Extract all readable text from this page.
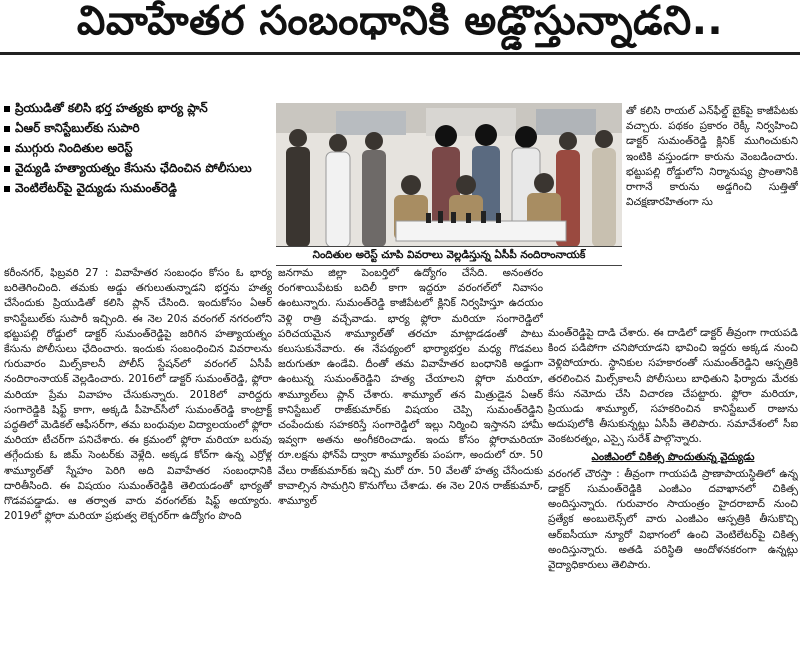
వివాహేతర సంబంధానికి అడ్డొస్తున్నాడని..
ప్రియుడితో కలిసి భర్త హత్యకు భార్య ప్లాన్
ఏఆర్ కానిస్టేబుల్‌కు సుపారి
ముగ్గురు నిందితుల అరెస్ట్
వైద్యుడి హత్యాయత్నం కేసును ఛేదించిన పోలీసులు
వెంటిలేటర్‌పై వైద్యుడు సుమంత్‌రెడ్డి

కరీంనగర్, ఫిబ్రవరి 27 : వివాహేతర సంబంధం కోసం ఓ భార్య బరితెగించింది. తమకు అడ్డు తగులుతున్నాడని భర్తను హత్య చేసేందుకు ప్రియుడితో కలిసి ప్లాన్ చేసింది. ఇందుకోసం ఏఆర్ కానిస్టేబుల్‌కు సుపారీ ఇచ్చింది. ఈ నెల 20న వరంగల్ నగరంలోని భట్టుపల్లి రోడ్డులో డాక్టర్ సుమంత్‌రెడ్డిపై జరిగిన హత్యాయత్నం కేసును పోలీసులు ఛేదించారు. ఇందుకు సంబంధించిన వివరాలను గురువారం మిల్స్‌కాలనీ పోలీస్ స్టేషన్‌లో వరంగల్ ఏసీపీ నందిరాంనాయక్ వెల్లడించారు. 2016లో డాక్టర్ సుమంత్‌రెడ్డి, ఫ్లోరా మరియా ప్రేమ వివాహం చేసుకున్నారు. 2018లో వారిద్దరు సంగారెడ్డికి షిఫ్ట్ కాగా, అక్కడి పీహెచ్‌సీలో సుమంత్‌రెడ్డి కాంట్రాక్ట్ పద్ధతిలో మెడికల్ ఆఫీసర్‌గా, తమ బంధువుల విద్యాలయంలో ఫ్లోరా మరియా టీచర్‌గా పనిచేశారు. ఈ క్రమంలో ఫ్లోరా మరియా బరువు తగ్గేందుకు ఓ జిమ్ సెంటర్‌కు వెళ్లేది. అక్కడ కోచ్‌గా ఉన్న ఎర్రోళ్ల శామ్యూల్‌తో స్నేహం పెరిగి అది వివాహేతర సంబంధానికి దారితీసింది. ఈ విషయం సుమంత్‌రెడ్డికి తెలియడంతో భార్యతో గొడవపడ్డాడు. ఆ తర్వాత వారు వరంగల్‌కు షిఫ్ట్ అయ్యారు. 2019లో ఫ్లోరా మరియా ప్రభుత్వ లెక్చరర్‌గా ఉద్యోగం పొంది

నిందితుల అరెస్ట్ చూపి వివరాలు వెల్లడిస్తున్న ఏసీపీ నందిరాంనాయక్

జనగామ జిల్లా పెంబర్తిలో ఉద్యోగం చేసేది. అనంతరం రంగశాయిపేటకు బదిలీ కాగా ఇద్దరూ వరంగల్‌లో నివాసం ఉంటున్నారు. సుమంత్‌రెడ్డి కాజీపేటలో క్లినిక్ నిర్వహిస్తూ ఉదయం వెళ్లి రాత్రి వచ్చేవాడు. భార్య ఫ్లోరా మరియా సంగారెడ్డిలో పరిచయమైన శామ్యూల్‌తో తరచూ మాట్లాడడంతో పాటు కలుసుకునేవారు. ఈ నేపథ్యంలో భార్యాభర్తల మధ్య గొడవలు జరుగుతూ ఉండేవి. దీంతో తమ వివాహేతర బంధానికి అడ్డుగా ఉంటున్న సుమంత్‌రెడ్డిని హత్య చేయాలని ఫ్లోరా మరియా, శామ్యూల్‌లు ప్లాన్ చేశారు. శామ్యూల్ తన మిత్రుడైన ఏఆర్ కానిస్టేబుల్ రాజ్‌కుమార్‌కు విషయం చెప్పి సుమంత్‌రెడ్డిని చంపేందుకు సహకరిస్తే సంగారెడ్డిలో ఇల్లు నిర్మించి ఇస్తానని హామీ ఇవ్వగా అతను అంగీకరించాడు. ఇందు కోసం ఫ్లోరామరియా రూ.లక్షను ఫోన్‌పే ద్వారా శామ్యూల్‌కు పంపగా, అందులో రూ. 50 వేలు రాజ్‌కుమార్‌కు ఇచ్చి మరో రూ. 50 వేలతో హత్య చేసేందుకు కావాల్సిన సామగ్రిని కొనుగోలు చేశాడు. ఈ నెల 20న రాజ్‌కుమార్, శామ్యూల్

తో కలిసి రాయల్ ఎన్‌ఫీల్డ్ బైక్‌పై కాజీపేటకు వచ్చారు. పథకం ప్రకారం రెక్కీ నిర్వహించి డాక్టర్ సుమంత్‌రెడ్డి క్లినిక్ ముగించుకుని ఇంటికి వస్తుండగా కారును వెంబడించారు. భట్టుపల్లి రోడ్డులోని నిర్మానుష్య ప్రాంతానికి రాగానే కారును అడ్డగించి సుత్తితో విచక్షణారహితంగా సు

మంత్‌రెడ్డిపై దాడి చేశారు. ఈ దాడిలో డాక్టర్ తీవ్రంగా గాయపడి కింద పడిపోగా చనిపోయాడని భావించి ఇద్దరు అక్కడ నుంచి వెళ్లిపోయారు. స్థానికుల సహకారంతో సుమంత్‌రెడ్డిని ఆస్పత్రికి తరలించిన మిల్స్‌కాలనీ పోలీసులు బాధితుని ఫిర్యాదు మేరకు కేసు నమోదు చేసి విచారణ చేపట్టారు. ఫ్లోరా మరియా, ప్రియుడు శామ్యూల్, సహకరించిన కానిస్టేబుల్ రాజును అదుపులోకి తీసుకున్నట్లు ఏసీపీ తెలిపారు. సమావేశంలో సీఐ వెంకటరత్నం, ఎస్సై సురేశ్ పాల్గొన్నారు.

ఎంజీఎంలో చికిత్స పొందుతున్న వైద్యుడు

వరంగల్ చౌరస్తా : తీవ్రంగా గాయపడి ప్రాణాపాయస్థితిలో ఉన్న డాక్టర్ సుమంత్‌రెడ్డికి ఎంజీఎం దవాఖానలో చికిత్స అందిస్తున్నారు. గురువారం సాయంత్రం హైదరాబాద్ నుంచి ప్రత్యేక అంబులెన్స్‌లో వారు ఎంజీఎం ఆస్పత్రికి తీసుకొచ్చి ఆర్‌ఐసీయూ న్యూరో విభాగంలో ఉంచి వెంటిలేటర్‌పై చికిత్స అందిస్తున్నారు. అతడి పరిస్థితి ఆందోళనకరంగా ఉన్నట్లు వైద్యాధికారులు తెలిపారు.
